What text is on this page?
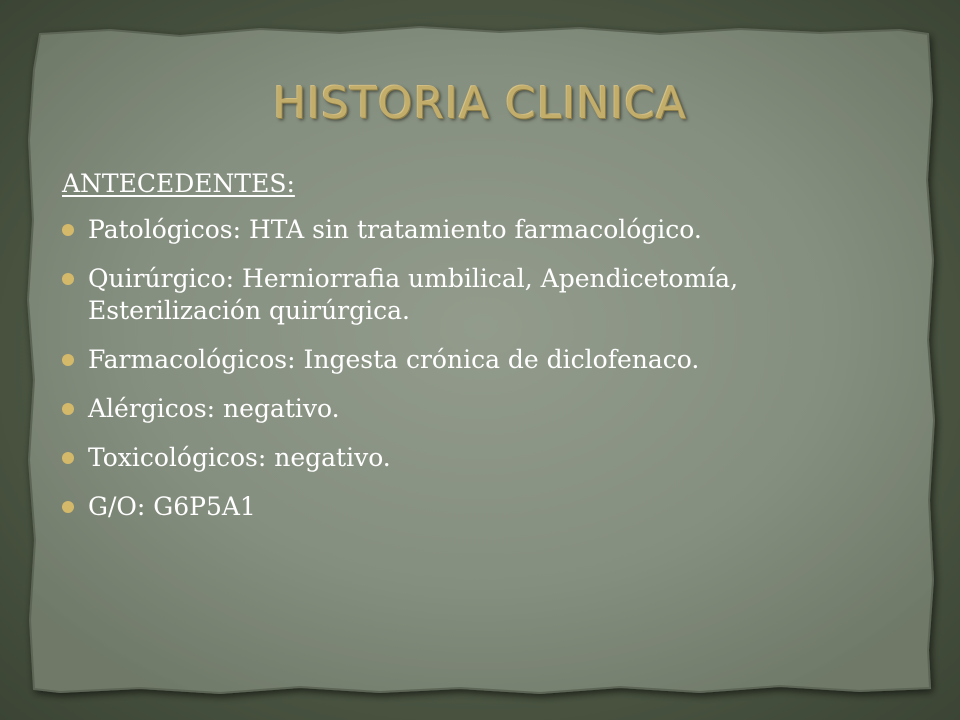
HISTORIA CLINICA
ANTECEDENTES:
Patológicos: HTA sin tratamiento farmacológico.
Quirúrgico: Herniorrafia umbilical, Apendicetomía, Esterilización quirúrgica.
Farmacológicos: Ingesta crónica de diclofenaco.
Alérgicos: negativo.
Toxicológicos: negativo.
G/O: G6P5A1
